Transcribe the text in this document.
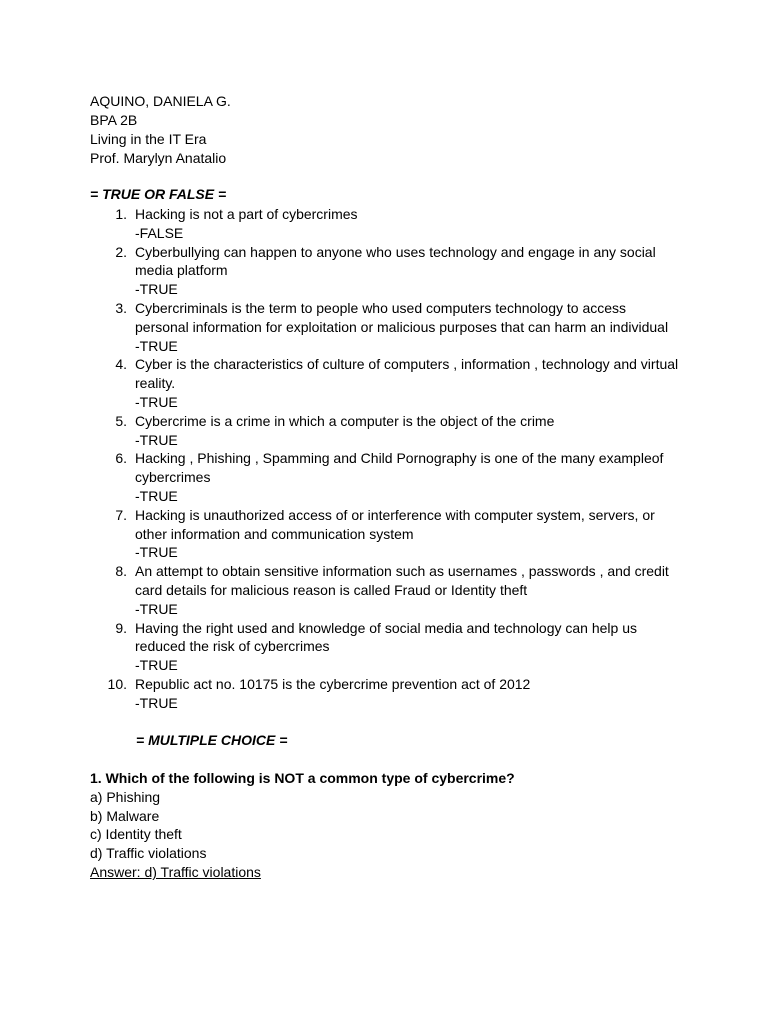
AQUINO, DANIELA G.
BPA 2B
Living in the IT Era
Prof. Marylyn Anatalio
= TRUE OR FALSE =
1. Hacking is not a part of cybercrimes
-FALSE
2. Cyberbullying can happen to anyone who uses technology and engage in any social media platform
-TRUE
3. Cybercriminals is the term to people who used computers technology to access personal information for exploitation or malicious purposes that can harm an individual
-TRUE
4. Cyber is the characteristics of culture of computers , information , technology and virtual reality.
-TRUE
5. Cybercrime is a crime in which a computer is the object of the crime
-TRUE
6. Hacking , Phishing , Spamming and Child Pornography is one of the many exampleof cybercrimes
-TRUE
7. Hacking is unauthorized access of or interference with computer system, servers, or other information and communication system
-TRUE
8. An attempt to obtain sensitive information such as usernames , passwords , and credit card details for malicious reason is called Fraud or Identity theft
-TRUE
9. Having the right used and knowledge of social media and technology can help us reduced the risk of cybercrimes
-TRUE
10. Republic act no. 10175 is the cybercrime prevention act of 2012
-TRUE
= MULTIPLE CHOICE =
1. Which of the following is NOT a common type of cybercrime?
a) Phishing
b) Malware
c) Identity theft
d) Traffic violations
Answer: d) Traffic violations
